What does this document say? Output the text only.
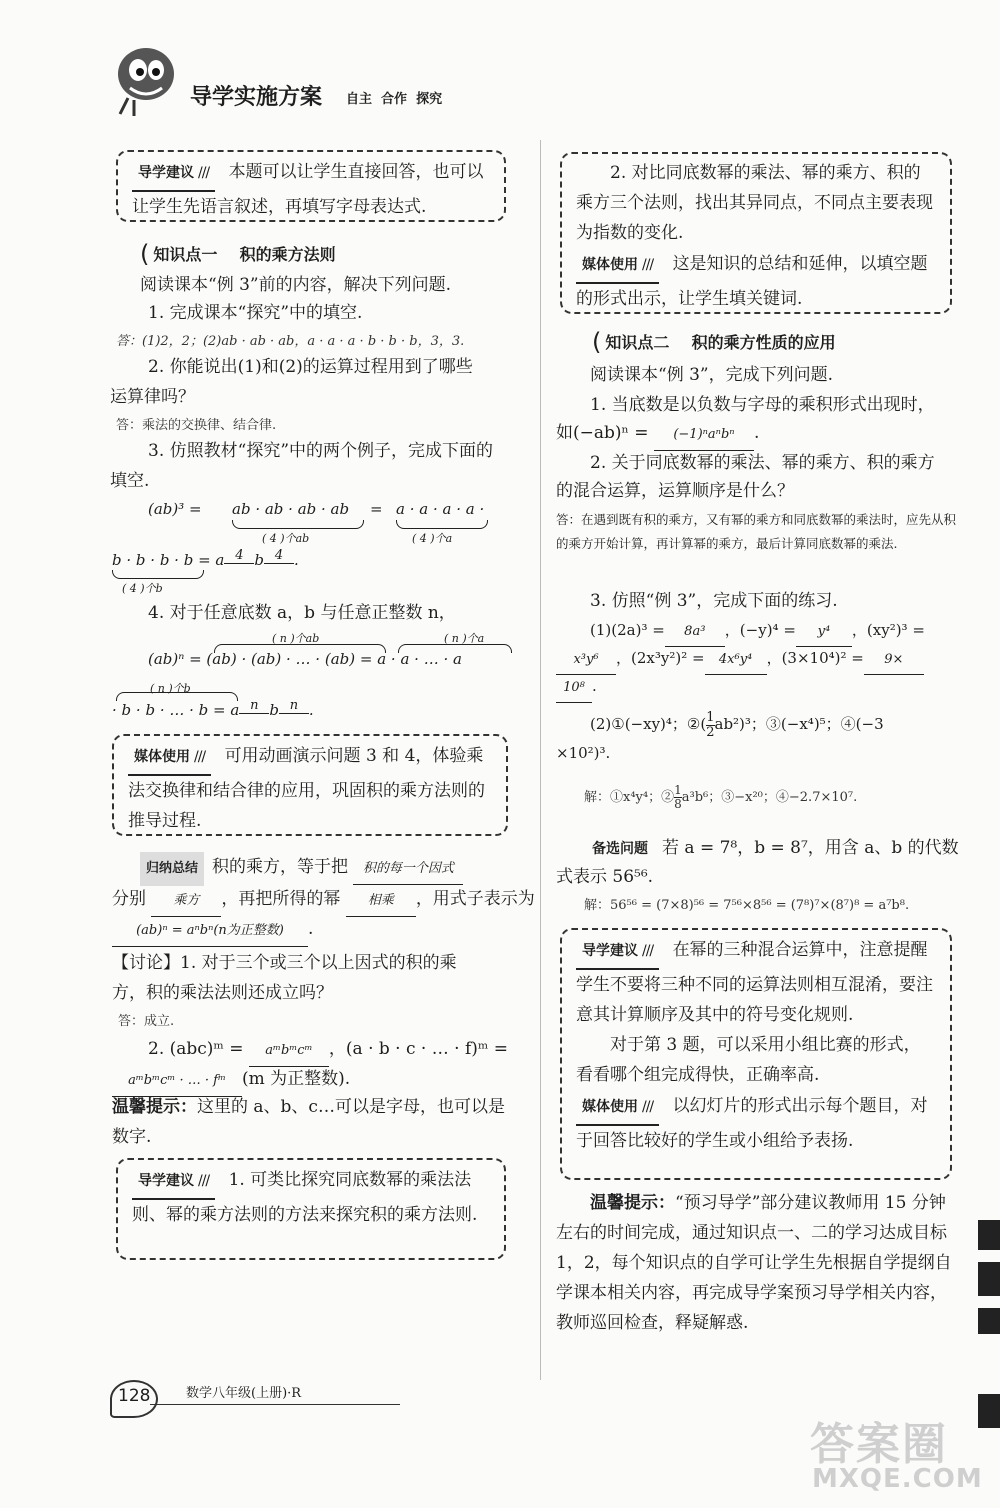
导学实施方案 自主  合作  探究
导学建议 /// 本题可以让学生直接回答，也可以让学生先语言叙述，再填写字母表达式.
( 知识点一 积的乘方法则
阅读课本“例 3”前的内容，解决下列问题.
1. 完成课本“探究”中的填空.
答：(1)2，2；(2)ab · ab · ab，a · a · a · b · b · b，3，3.
2. 你能说出(1)和(2)的运算过程用到了哪些
运算律吗？
答：乘法的交换律、结合律.
3. 仿照教材“探究”中的两个例子，完成下面的
填空.
(ab)³ = ab · ab · ab · ab = a · a · a · a ·
( 4 )个ab	( 4 )个a
b · b · b · b = a $^4$ b $^4$ .
( 4 )个b
4. 对于任意底数 a，b 与任意正整数 n，
( n )个ab	( n )个a
(ab)ⁿ = (ab) · (ab) · … · (ab) = a · a · … · a
( n )个b
· b · b · … · b = a $^n$ b $^n$ .
媒体使用 /// 可用动画演示问题 3 和 4，体验乘法交换律和结合律的应用，巩固积的乘方法则的推导过程.
归纳总结 积的乘方，等于把 积的每一个因式
分别 乘方 ，再把所得的幂 相乘 ，用式子表示为
(ab)ⁿ = aⁿbⁿ(n为正整数) .
【讨论】1. 对于三个或三个以上因式的积的乘
方，积的乘法法则还成立吗？
答：成立.
2. (abc)ᵐ = aᵐbᵐcᵐ ，(a · b · c · … · f)ᵐ =
aᵐbᵐcᵐ · … · fᵐ (m 为正整数).
温馨提示：这里的 a、b、c…可以是字母，也可以是数字.
导学建议 /// 1. 可类比探究同底数幂的乘法法则、幂的乘方法则的方法来探究积的乘方法则.
2. 对比同底数幂的乘法、幂的乘方、积的乘方三个法则，找出其异同点，不同点主要表现为指数的变化.
媒体使用 /// 这是知识的总结和延伸，以填空题的形式出示，让学生填关键词.
( 知识点二 积的乘方性质的应用
阅读课本“例 3”，完成下列问题.
1. 当底数是以负数与字母的乘积形式出现时，
如(−ab)ⁿ = (−1)ⁿaⁿbⁿ .
2. 关于同底数幂的乘法、幂的乘方、积的乘方
的混合运算，运算顺序是什么？
答：在遇到既有积的乘方，又有幂的乘方和同底数幂的乘法时，应先从积的乘方开始计算，再计算幂的乘方，最后计算同底数幂的乘法.
3. 仿照“例 3”，完成下面的练习.
(1)(2a)³ = 8a³ ，(−y)⁴ = y⁴ ，(xy²)³ =
x³y⁶ ，(2x³y²)² = 4x⁶y⁴ ，(3×10⁴)² = 9×
10⁸ .
(2)①(−xy)⁴；②( $\frac{1}{2} ab^2)^3$；③(−x⁴)⁵；④(−3
×10²)³.
解：①x⁴y⁴；② $\frac{1}{8} a^3b^6$；③−x²⁰；④−2.7×10⁷.
备选问题 若 a = 7⁸，b = 8⁷，用含 a、b 的代数
式表示 56⁵⁶.
解：56⁵⁶ = (7×8)⁵⁶ = 7⁵⁶×8⁵⁶ = (7⁸)⁷×(8⁷)⁸ = a⁷b⁸.
导学建议 /// 在幂的三种混合运算中，注意提醒学生不要将三种不同的运算法则相互混淆，要注意其计算顺序及其中的符号变化规则.
对于第 3 题，可以采用小组比赛的形式，看看哪个组完成得快，正确率高.
媒体使用 /// 以幻灯片的形式出示每个题目，对于回答比较好的学生或小组给予表扬.
温馨提示：“预习导学”部分建议教师用 15 分钟左右的时间完成，通过知识点一、二的学习达成目标 1，2，每个知识点的自学可让学生先根据自学提纲自学课本相关内容，再完成导学案预习导学相关内容，教师巡回检查，释疑解惑.
128	数学八年级(上册)·R
答案圈
MXQE.COM
